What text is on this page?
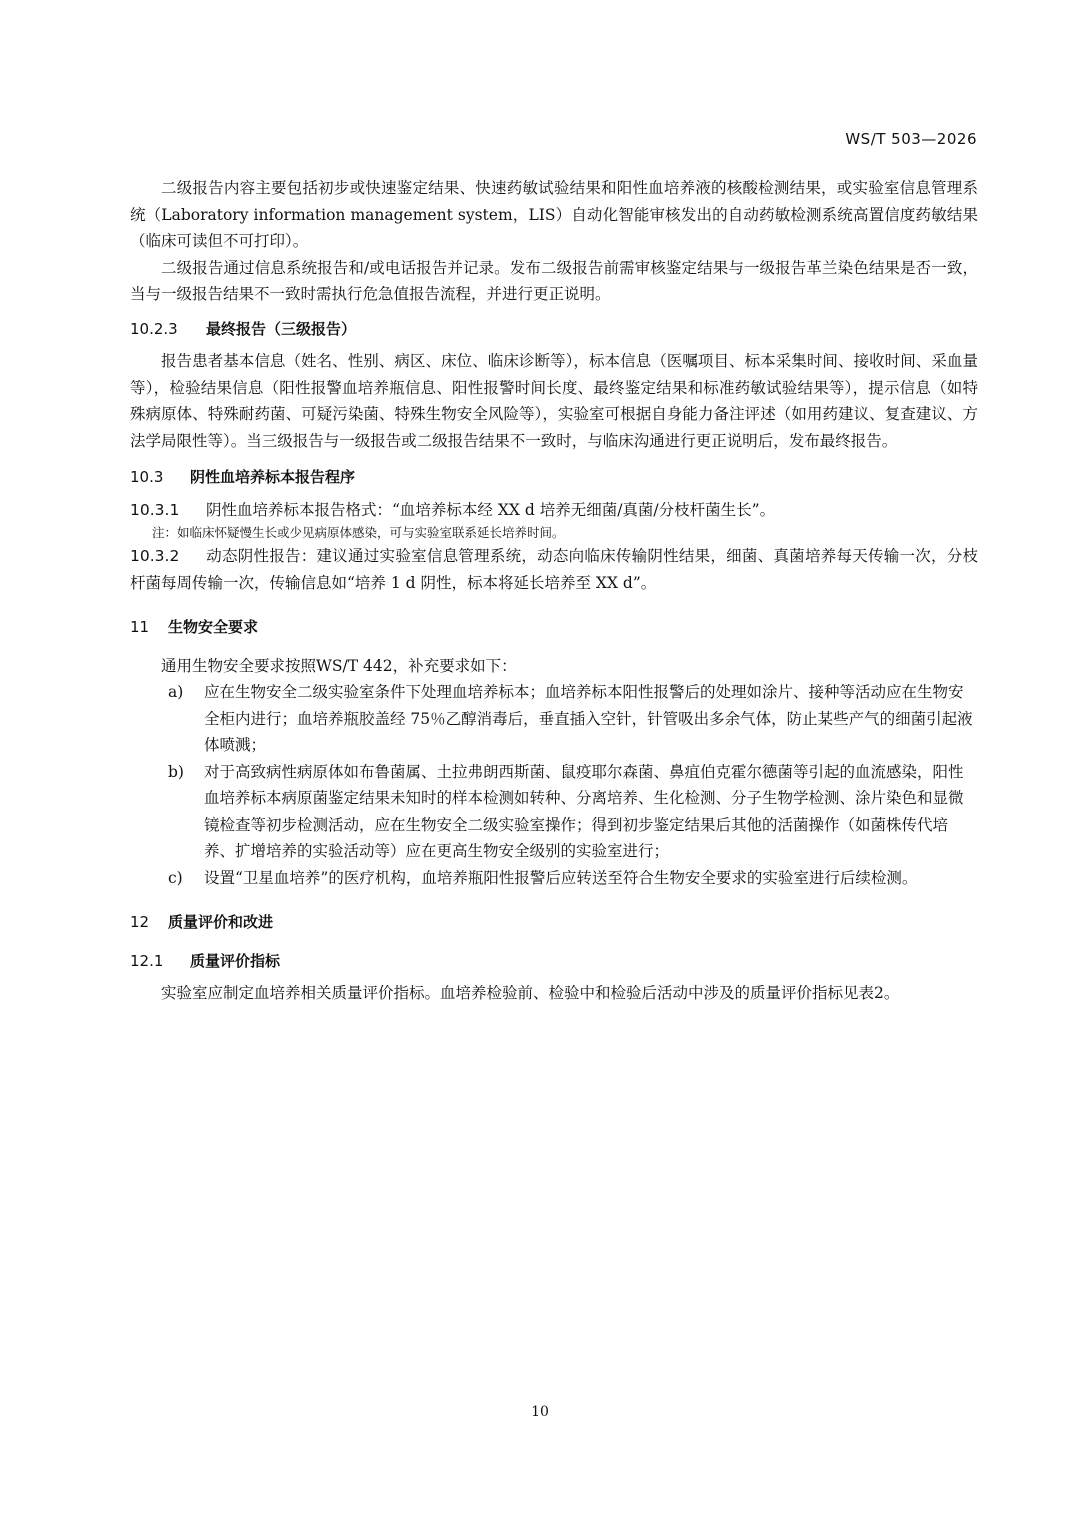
WS/T 503—2026

二级报告内容主要包括初步或快速鉴定结果、快速药敏试验结果和阳性血培养液的核酸检测结果，或实验室信息管理系统（Laboratory information management system，LIS）自动化智能审核发出的自动药敏检测系统高置信度药敏结果（临床可读但不可打印）。

二级报告通过信息系统报告和/或电话报告并记录。发布二级报告前需审核鉴定结果与一级报告革兰染色结果是否一致，当与一级报告结果不一致时需执行危急值报告流程，并进行更正说明。

10.2.3 最终报告（三级报告）

报告患者基本信息（姓名、性别、病区、床位、临床诊断等），标本信息（医嘱项目、标本采集时间、接收时间、采血量等），检验结果信息（阳性报警血培养瓶信息、阳性报警时间长度、最终鉴定结果和标准药敏试验结果等），提示信息（如特殊病原体、特殊耐药菌、可疑污染菌、特殊生物安全风险等），实验室可根据自身能力备注评述（如用药建议、复查建议、方法学局限性等）。当三级报告与一级报告或二级报告结果不一致时，与临床沟通进行更正说明后，发布最终报告。

10.3 阴性血培养标本报告程序

10.3.1 阴性血培养标本报告格式：“血培养标本经 XX d 培养无细菌/真菌/分枝杆菌生长”。

注：如临床怀疑慢生长或少见病原体感染，可与实验室联系延长培养时间。

10.3.2 动态阴性报告：建议通过实验室信息管理系统，动态向临床传输阴性结果，细菌、真菌培养每天传输一次，分枝杆菌每周传输一次，传输信息如“培养 1 d 阴性，标本将延长培养至 XX d”。

11 生物安全要求

通用生物安全要求按照WS/T 442，补充要求如下：

a)	应在生物安全二级实验室条件下处理血培养标本；血培养标本阳性报警后的处理如涂片、接种等活动应在生物安全柜内进行；血培养瓶胶盖经 75％乙醇消毒后，垂直插入空针，针管吸出多余气体，防止某些产气的细菌引起液体喷溅；
b)	对于高致病性病原体如布鲁菌属、土拉弗朗西斯菌、鼠疫耶尔森菌、鼻疽伯克霍尔德菌等引起的血流感染，阳性血培养标本病原菌鉴定结果未知时的样本检测如转种、分离培养、生化检测、分子生物学检测、涂片染色和显微镜检查等初步检测活动，应在生物安全二级实验室操作；得到初步鉴定结果后其他的活菌操作（如菌株传代培养、扩增培养的实验活动等）应在更高生物安全级别的实验室进行；
c)	设置“卫星血培养”的医疗机构，血培养瓶阳性报警后应转送至符合生物安全要求的实验室进行后续检测。
12 质量评价和改进
12.1 质量评价指标

实验室应制定血培养相关质量评价指标。血培养检验前、检验中和检验后活动中涉及的质量评价指标见表2。

10
